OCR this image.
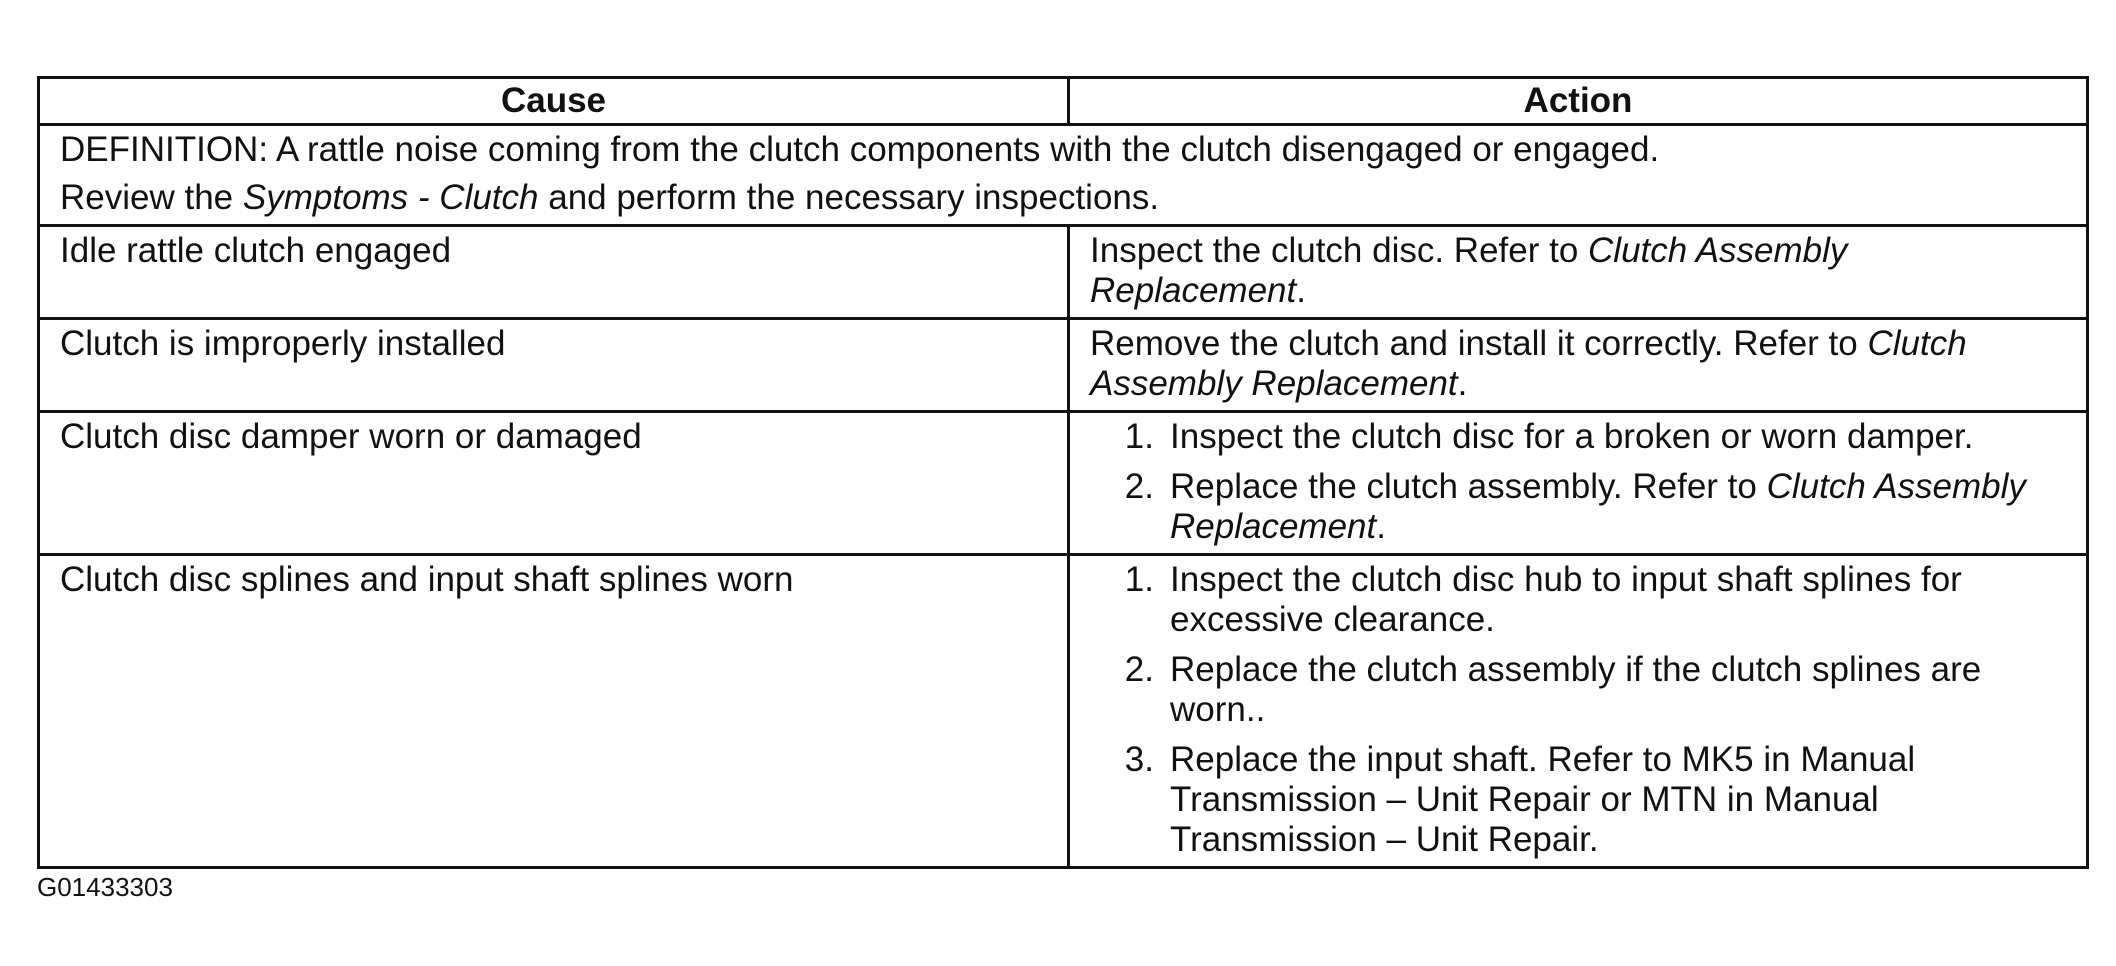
Cause	Action

DEFINITION: A rattle noise coming from the clutch components with the clutch disengaged or engaged.

Review the Symptoms - Clutch and perform the necessary inspections.

Idle rattle clutch engaged	Inspect the clutch disc. Refer to Clutch Assembly Replacement.
Clutch is improperly installed	Remove the clutch and install it correctly. Refer to Clutch Assembly Replacement.
Clutch disc damper worn or damaged	1. Inspect the clutch disc for a broken or worn damper.
2. Replace the clutch assembly. Refer to Clutch Assembly Replacement.
Clutch disc splines and input shaft splines worn	1. Inspect the clutch disc hub to input shaft splines for excessive clearance.
2. Replace the clutch assembly if the clutch splines are worn..
3. Replace the input shaft. Refer to MK5 in Manual Transmission – Unit Repair or MTN in Manual Transmission – Unit Repair.
G01433303
